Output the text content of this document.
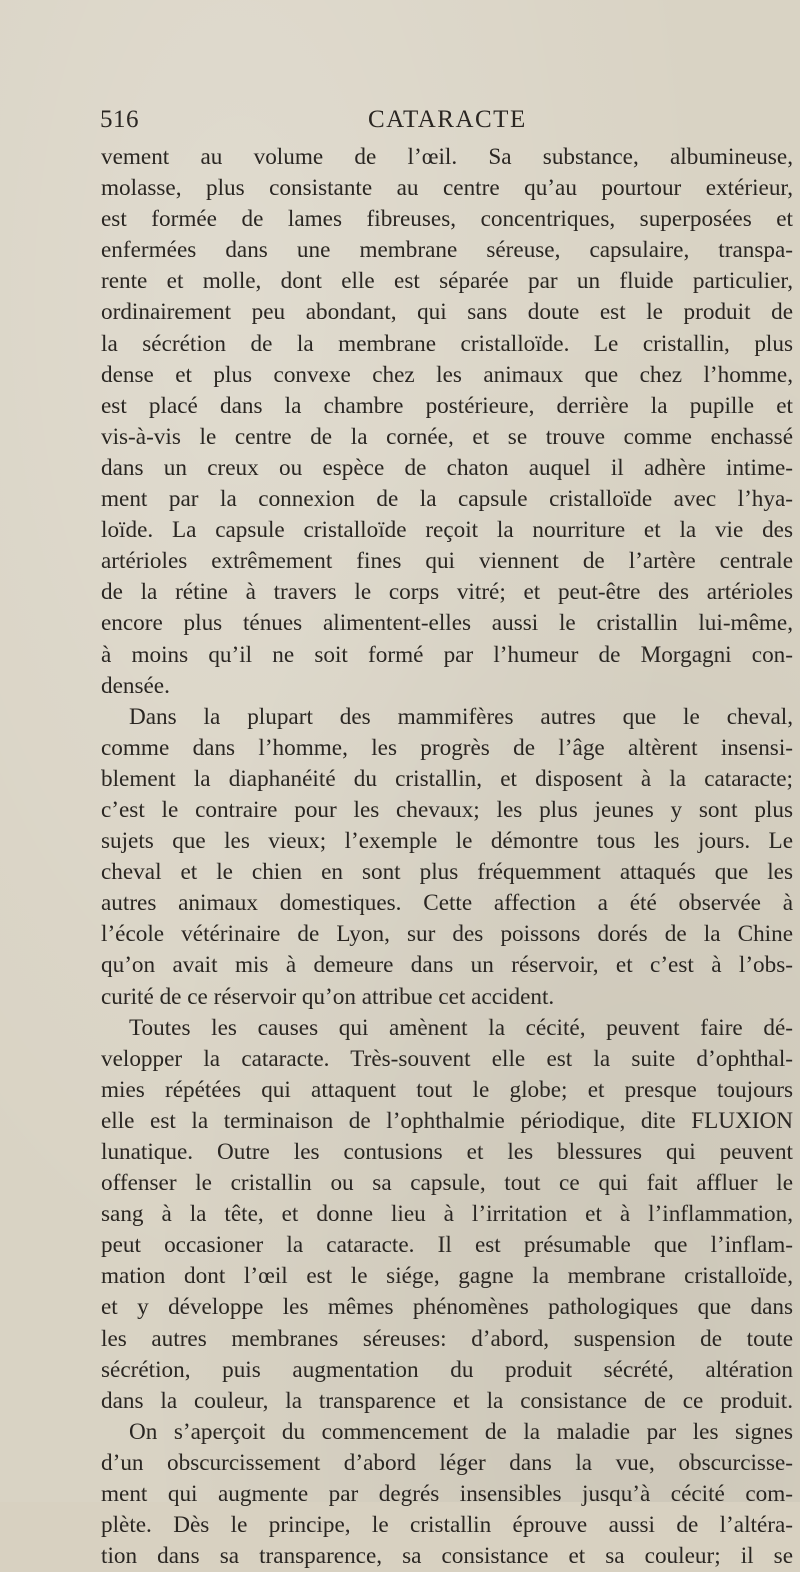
516	CATARACTE
vement au volume de l’œil. Sa substance, albumineuse,
molasse, plus consistante au centre qu’au pourtour extérieur,
est formée de lames fibreuses, concentriques, superposées et
enfermées dans une membrane séreuse, capsulaire, transpa-
rente et molle, dont elle est séparée par un fluide particulier,
ordinairement peu abondant, qui sans doute est le produit de
la sécrétion de la membrane cristalloïde. Le cristallin, plus
dense et plus convexe chez les animaux que chez l’homme,
est placé dans la chambre postérieure, derrière la pupille et
vis-à-vis le centre de la cornée, et se trouve comme enchassé
dans un creux ou espèce de chaton auquel il adhère intime-
ment par la connexion de la capsule cristalloïde avec l’hya-
loïde. La capsule cristalloïde reçoit la nourriture et la vie des
artérioles extrêmement fines qui viennent de l’artère centrale
de la rétine à travers le corps vitré; et peut-être des artérioles
encore plus ténues alimentent-elles aussi le cristallin lui-même,
à moins qu’il ne soit formé par l’humeur de Morgagni con-
densée.
Dans la plupart des mammifères autres que le cheval,
comme dans l’homme, les progrès de l’âge altèrent insensi-
blement la diaphanéité du cristallin, et disposent à la cataracte;
c’est le contraire pour les chevaux; les plus jeunes y sont plus
sujets que les vieux; l’exemple le démontre tous les jours. Le
cheval et le chien en sont plus fréquemment attaqués que les
autres animaux domestiques. Cette affection a été observée à
l’école vétérinaire de Lyon, sur des poissons dorés de la Chine
qu’on avait mis à demeure dans un réservoir, et c’est à l’obs-
curité de ce réservoir qu’on attribue cet accident.
Toutes les causes qui amènent la cécité, peuvent faire dé-
velopper la cataracte. Très-souvent elle est la suite d’ophthal-
mies répétées qui attaquent tout le globe; et presque toujours
elle est la terminaison de l’ophthalmie périodique, dite FLUXION
lunatique. Outre les contusions et les blessures qui peuvent
offenser le cristallin ou sa capsule, tout ce qui fait affluer le
sang à la tête, et donne lieu à l’irritation et à l’inflammation,
peut occasioner la cataracte. Il est présumable que l’inflam-
mation dont l’œil est le siége, gagne la membrane cristalloïde,
et y développe les mêmes phénomènes pathologiques que dans
les autres membranes séreuses: d’abord, suspension de toute
sécrétion, puis augmentation du produit sécrété, altération
dans la couleur, la transparence et la consistance de ce produit.
On s’aperçoit du commencement de la maladie par les signes
d’un obscurcissement d’abord léger dans la vue, obscurcisse-
ment qui augmente par degrés insensibles jusqu’à cécité com-
plète. Dès le principe, le cristallin éprouve aussi de l’altéra-
tion dans sa transparence, sa consistance et sa couleur; il se
